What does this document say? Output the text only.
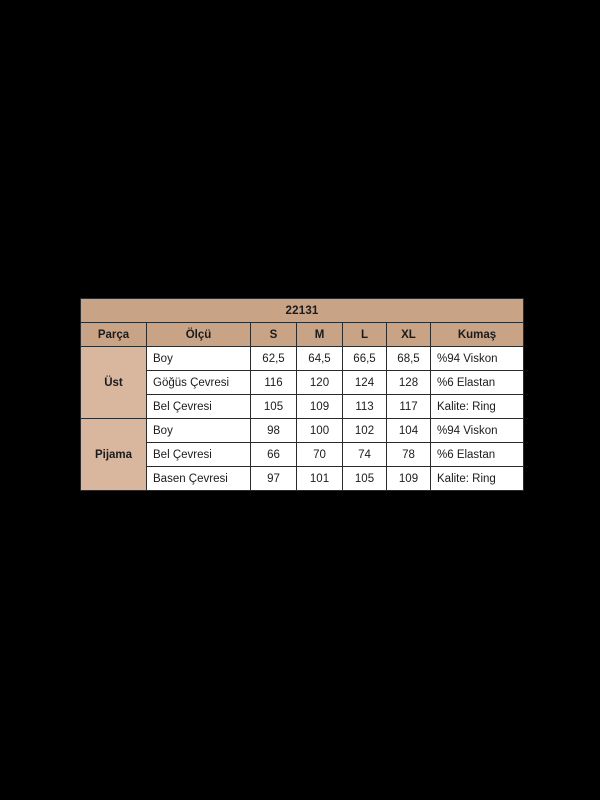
22131						
Parça	Ölçü	S	M	L	XL	Kumaş
Üst	Boy	62,5	64,5	66,5	68,5	%94 Viskon
	Göğüs Çevresi	116	120	124	128	%6 Elastan
	Bel Çevresi	105	109	113	117	Kalite: Ring
Pijama	Boy	98	100	102	104	%94 Viskon
	Bel Çevresi	66	70	74	78	%6 Elastan
	Basen Çevresi	97	101	105	109	Kalite: Ring
